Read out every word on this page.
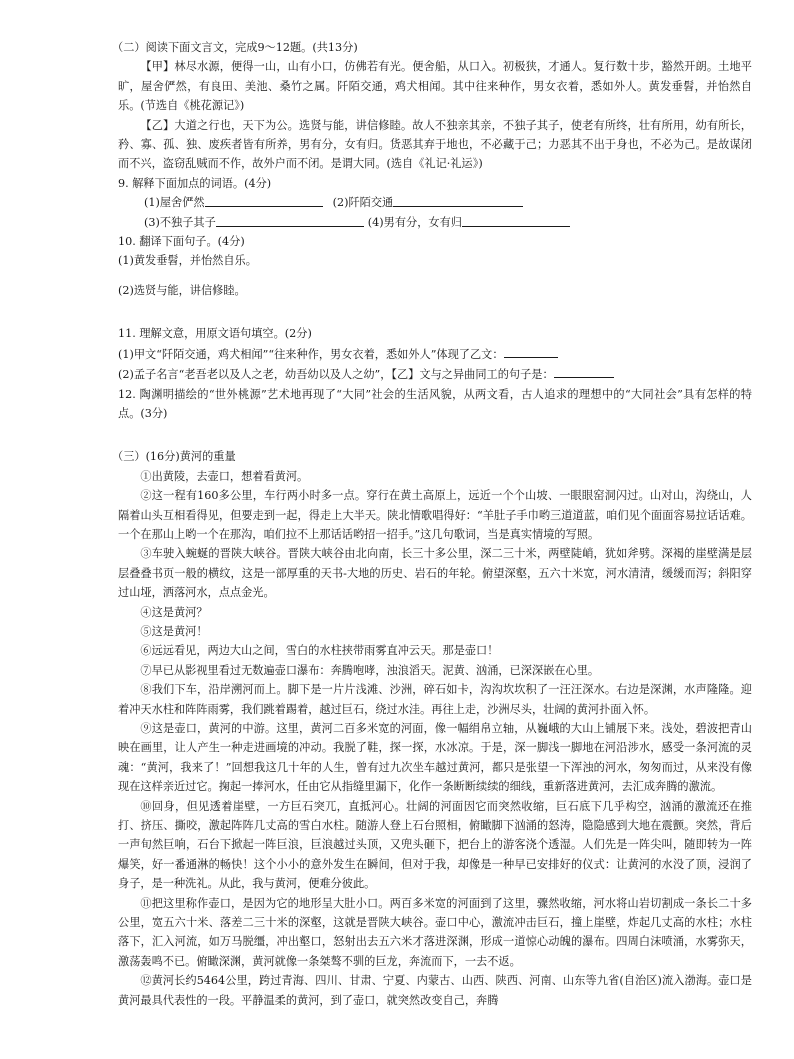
（二）阅读下面文言文，完成9～12题。(共13分)

【甲】林尽水源，便得一山，山有小口，仿佛若有光。便舍船，从口入。初极狭，才通人。复行数十步，豁然开朗。土地平旷，屋舍俨然，有良田、美池、桑竹之属。阡陌交通，鸡犬相闻。其中往来种作，男女衣着，悉如外人。黄发垂髫，并怡然自乐。(节选自《桃花源记》)

【乙】大道之行也，天下为公。选贤与能，讲信修睦。故人不独亲其亲，不独子其子，使老有所终，壮有所用，幼有所长，矜、寡、孤、独、废疾者皆有所养，男有分，女有归。货恶其弃于地也，不必藏于己；力恶其不出于身也，不必为己。是故谋闭而不兴，盗窃乱贼而不作，故外户而不闭。是谓大同。(选自《礼记·礼运》)

9. 解释下面加点的词语。(4分)

(1)屋舍俨然	(2)阡陌交通
(3)不独子其子	(4)男有分，女有归

10. 翻译下面句子。(4分)

(1)黄发垂髫，并怡然自乐。

(2)选贤与能，讲信修睦。

11. 理解文意，用原文语句填空。(2分)

(1)甲文“阡陌交通，鸡犬相闻”“往来种作，男女衣着，悉如外人”体现了乙文：

(2)孟子名言“老吾老以及人之老，幼吾幼以及人之幼”，【乙】文与之异曲同工的句子是：

12. 陶渊明描绘的“世外桃源”艺术地再现了“大同”社会的生活风貌，从两文看，古人追求的理想中的“大同社会”具有怎样的特点。(3分)

（三）(16分)黄河的重量

①出黄陵，去壶口，想着看黄河。

②这一程有160多公里，车行两小时多一点。穿行在黄土高原上，远近一个个山坡、一眼眼窑洞闪过。山对山，沟绕山，人隔着山头互相看得见，但要走到一起，得走上大半天。陕北情歌唱得好：“羊肚子手巾哟三道道蓝，咱们见个面面容易拉话话难。一个在那山上哟一个在那沟，咱们拉不上那话话哟招一招手。”这几句歌词，当是真实情境的写照。

③车驶入蜿蜒的晋陕大峡谷。晋陕大峡谷由北向南，长三十多公里，深二三十米，两壁陡峭，犹如斧劈。深褐的崖壁满是层层叠叠书页一般的横纹，这是一部厚重的天书-大地的历史、岩石的年轮。俯望深壑，五六十米宽，河水清清，缓缓而泻；斜阳穿过山垭，洒落河水，点点金光。

④这是黄河？

⑤这是黄河！

⑥远远看见，两边大山之间，雪白的水柱挟带雨雾直冲云天。那是壶口！

⑦早已从影视里看过无数遍壶口瀑布：奔腾咆哮，浊浪滔天。泥黄、汹涌，已深深嵌在心里。

⑧我们下车，沿岸溯河而上。脚下是一片片浅滩、沙洲，碎石如卡，沟沟坎坎积了一汪汪深水。右边是深渊，水声隆隆。迎着冲天水柱和阵阵雨雾，我们跳着踢着，越过巨石，绕过水洼。再往上走，沙洲尽头，壮阔的黄河扑面入怀。

⑨这是壶口，黄河的中游。这里，黄河二百多米宽的河面，像一幅绢帛立轴，从巍峨的大山上铺展下来。浅处，碧波把青山映在画里，让人产生一种走进画境的冲动。我脱了鞋，探一探，水冰凉。于是，深一脚浅一脚地在河沿涉水，感受一条河流的灵魂：“黄河，我来了！”回想我这几十年的人生，曾有过九次坐车越过黄河，都只是张望一下浑浊的河水，匆匆而过，从来没有像现在这样亲近过它。掬起一捧河水，任由它从指缝里漏下，化作一条断断续续的细线，重新落进黄河，去汇成奔腾的激流。

⑩回身，但见透着崖壁，一方巨石突兀，直抵河心。壮阔的河面因它而突然收缩，巨石底下几乎构空，汹涌的激流还在推打、挤压、撕咬，激起阵阵几丈高的雪白水柱。随游人登上石台照相，俯瞰脚下汹涌的怒涛，隐隐感到大地在震颤。突然，背后一声旬然巨响，石台下掀起一阵巨浪，巨浪越过头顶，又兜头砸下，把台上的游客浇个透湿。人们先是一阵尖叫，随即转为一阵爆笑，好一番通淋的畅快！这个小小的意外发生在瞬间，但对于我，却像是一种早已安排好的仪式：让黄河的水没了顶，浸润了身子，是一种洗礼。从此，我与黄河，便难分彼此。

⑪把这里称作壶口，是因为它的地形呈大肚小口。两百多米宽的河面到了这里，骤然收缩，河水将山岩切割成一条长二十多公里，宽五六十米、落差二三十米的深壑，这就是晋陕大峡谷。壶口中心，激流冲击巨石，撞上崖壁，炸起几丈高的水柱；水柱落下，汇入河流，如万马脱缰，冲出壑口，怒射出去五六米才落进深渊，形成一道惊心动魄的瀑布。四周白沫喷涌，水雾弥天，激荡轰鸣不已。俯瞰深渊，黄河就像一条桀骜不驯的巨龙，奔流而下，一去不返。

⑫黄河长约5464公里，跨过青海、四川、甘肃、宁夏、内蒙古、山西、陕西、河南、山东等九省(自治区)流入渤海。壶口是黄河最具代表性的一段。平静温柔的黄河，到了壶口，就突然改变自己，奔腾
